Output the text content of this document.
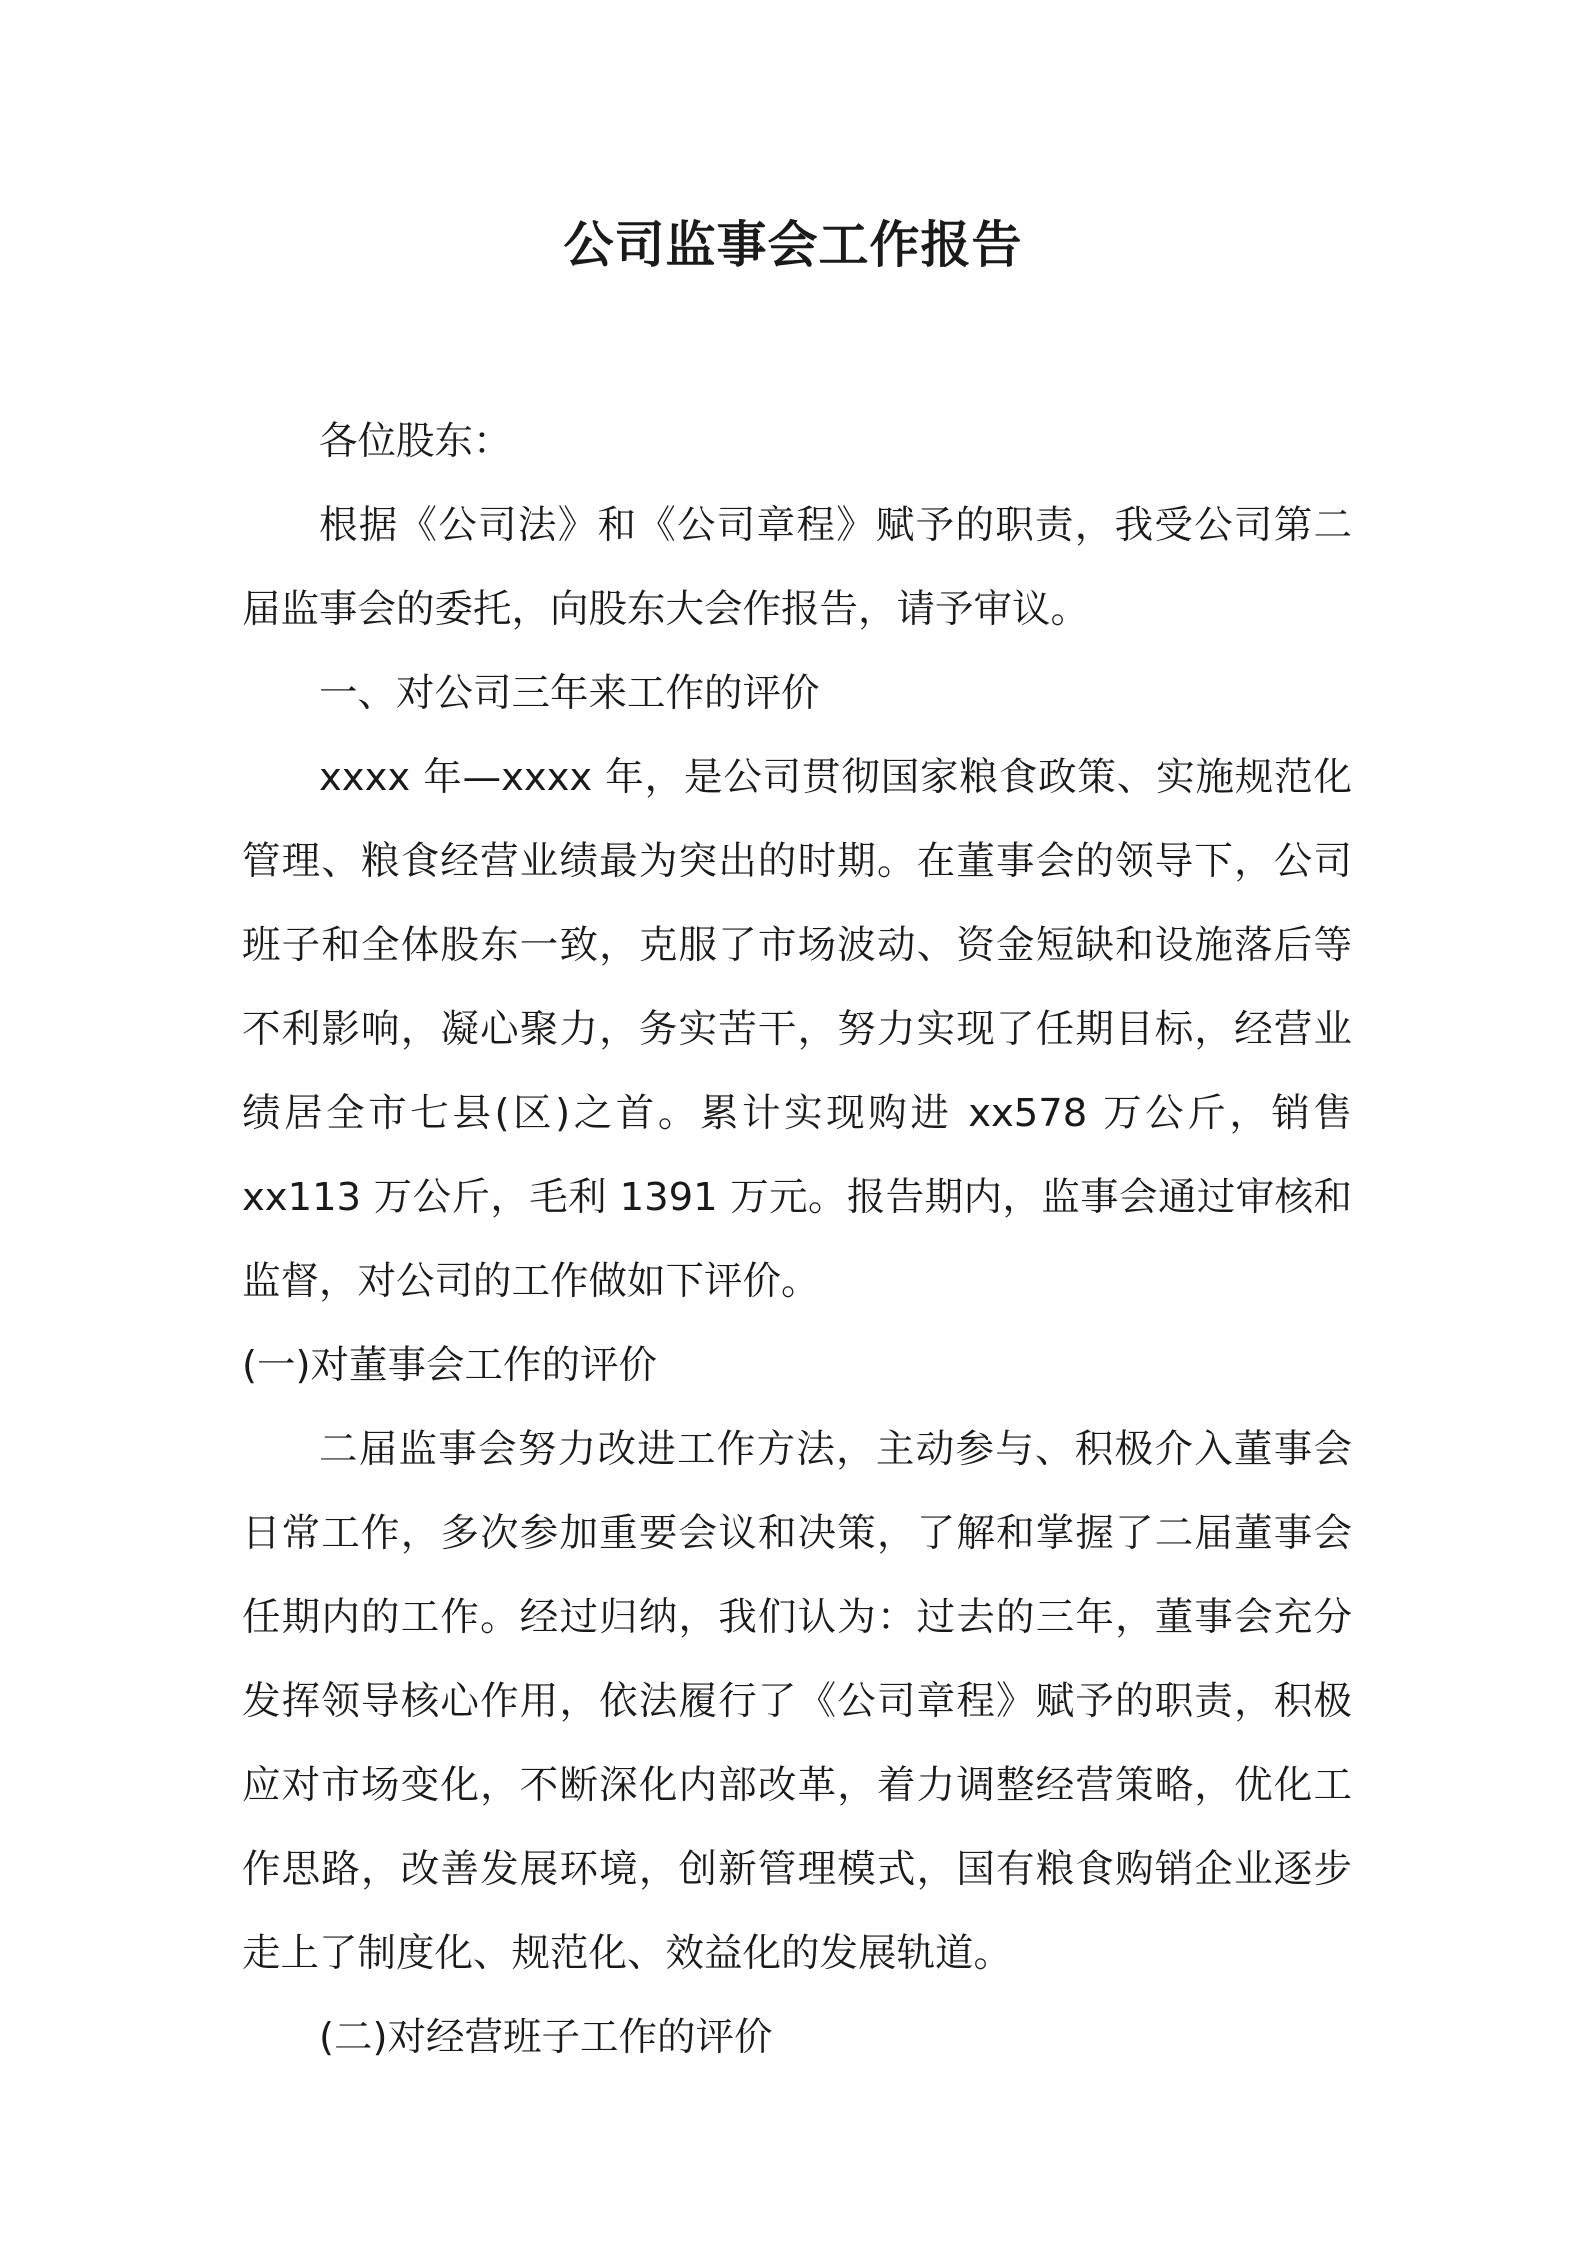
公司监事会工作报告

各位股东：

根据《公司法》和《公司章程》赋予的职责，我受公司第二届监事会的委托，向股东大会作报告，请予审议。

一、对公司三年来工作的评价

xxxx 年—xxxx 年，是公司贯彻国家粮食政策、实施规范化管理、粮食经营业绩最为突出的时期。在董事会的领导下，公司班子和全体股东一致，克服了市场波动、资金短缺和设施落后等不利影响，凝心聚力，务实苦干，努力实现了任期目标，经营业绩居全市七县(区)之首。累计实现购进 xx578 万公斤，销售 xx113 万公斤，毛利 1391 万元。报告期内，监事会通过审核和监督，对公司的工作做如下评价。

(一)对董事会工作的评价

二届监事会努力改进工作方法，主动参与、积极介入董事会日常工作，多次参加重要会议和决策，了解和掌握了二届董事会任期内的工作。经过归纳，我们认为：过去的三年，董事会充分发挥领导核心作用，依法履行了《公司章程》赋予的职责，积极应对市场变化，不断深化内部改革，着力调整经营策略，优化工作思路，改善发展环境，创新管理模式，国有粮食购销企业逐步走上了制度化、规范化、效益化的发展轨道。

(二)对经营班子工作的评价
